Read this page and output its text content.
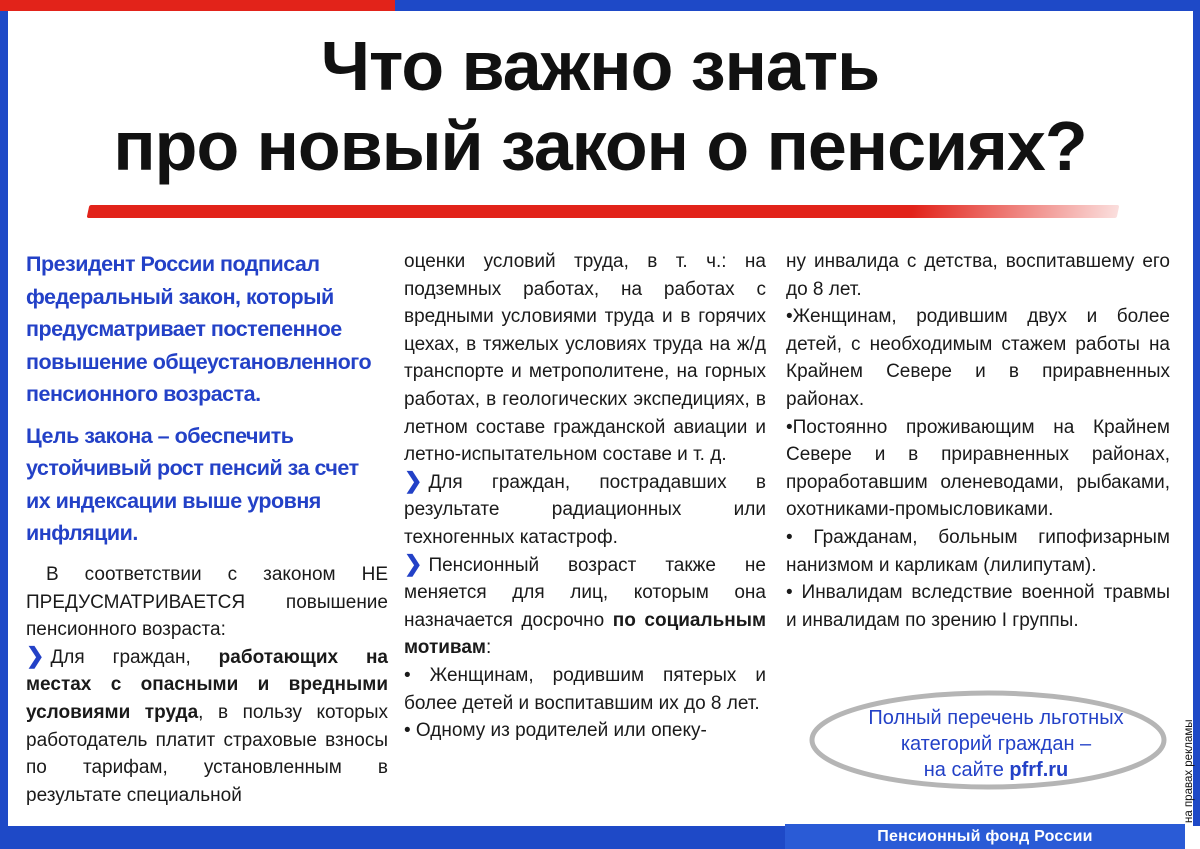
Пенсионный фонд России
Что важно знать
про новый закон о пенсиях?

Президент России подписал федеральный закон, который предусматривает постепенное повышение общеустановленного пенсионного возраста.

Цель закона – обеспечить устойчивый рост пенсий за счет их индексации выше уровня инфляции.

В соответствии с законом НЕ ПРЕДУСМАТРИВАЕТСЯ повышение пенсионного возраста:

❯ Для граждан, работающих на местах с опасными и вредными условиями труда, в пользу которых работодатель платит страховые взносы по тарифам, установленным в результате специальной

оценки условий труда, в т. ч.: на подземных работах, на работах с вредными условиями труда и в горячих цехах, в тяжелых условиях труда на ж/д транспорте и метрополитене, на горных работах, в геологических экспедициях, в летном составе гражданской авиации и летно-испытательном составе и т. д.

❯ Для граждан, пострадавших в результате радиационных или техногенных катастроф.

❯ Пенсионный возраст также не меняется для лиц, которым она назначается досрочно по социальным мотивам:

• Женщинам, родившим пятерых и более детей и воспитавшим их до 8 лет.

• Одному из родителей или опеку-

ну инвалида с детства, воспитавшему его до 8 лет.

•Женщинам, родившим двух и более детей, с необходимым стажем работы на Крайнем Севере и в приравненных районах.

•Постоянно проживающим на Крайнем Севере и в приравненных районах, проработавшим оленеводами, рыбаками, охотниками-промысловиками.

• Гражданам, больным гипофизарным нанизмом и карликам (лилипутам).

• Инвалидам вследствие военной травмы и инвалидам по зрению I группы.

Полный перечень льготных
категорий граждан –
на сайте pfrf.ru	на правах рекламы
